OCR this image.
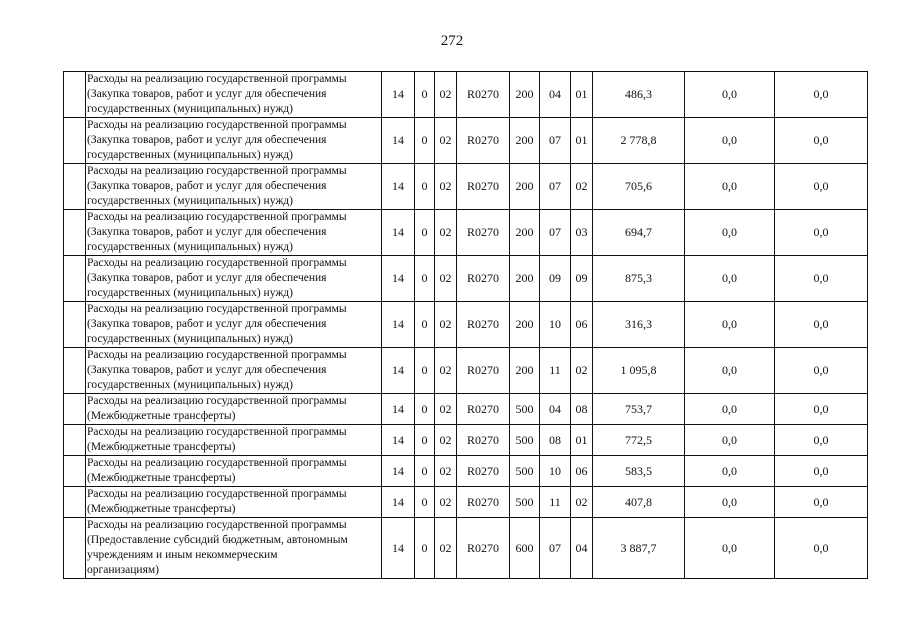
272
	Расходы на реализацию государственной программы
(Закупка товаров, работ и услуг для обеспечения
государственных (муниципальных) нужд)	14	0	02	R0270	200	04	01	486,3	0,0	0,0
	Расходы на реализацию государственной программы
(Закупка товаров, работ и услуг для обеспечения
государственных (муниципальных) нужд)	14	0	02	R0270	200	07	01	2 778,8	0,0	0,0
	Расходы на реализацию государственной программы
(Закупка товаров, работ и услуг для обеспечения
государственных (муниципальных) нужд)	14	0	02	R0270	200	07	02	705,6	0,0	0,0
	Расходы на реализацию государственной программы
(Закупка товаров, работ и услуг для обеспечения
государственных (муниципальных) нужд)	14	0	02	R0270	200	07	03	694,7	0,0	0,0
	Расходы на реализацию государственной программы
(Закупка товаров, работ и услуг для обеспечения
государственных (муниципальных) нужд)	14	0	02	R0270	200	09	09	875,3	0,0	0,0
	Расходы на реализацию государственной программы
(Закупка товаров, работ и услуг для обеспечения
государственных (муниципальных) нужд)	14	0	02	R0270	200	10	06	316,3	0,0	0,0
	Расходы на реализацию государственной программы
(Закупка товаров, работ и услуг для обеспечения
государственных (муниципальных) нужд)	14	0	02	R0270	200	11	02	1 095,8	0,0	0,0
	Расходы на реализацию государственной программы
(Межбюджетные трансферты)	14	0	02	R0270	500	04	08	753,7	0,0	0,0
	Расходы на реализацию государственной программы
(Межбюджетные трансферты)	14	0	02	R0270	500	08	01	772,5	0,0	0,0
	Расходы на реализацию государственной программы
(Межбюджетные трансферты)	14	0	02	R0270	500	10	06	583,5	0,0	0,0
	Расходы на реализацию государственной программы
(Межбюджетные трансферты)	14	0	02	R0270	500	11	02	407,8	0,0	0,0
	Расходы на реализацию государственной программы
(Предоставление субсидий бюджетным, автономным
учреждениям и иным некоммерческим
организациям)	14	0	02	R0270	600	07	04	3 887,7	0,0	0,0
